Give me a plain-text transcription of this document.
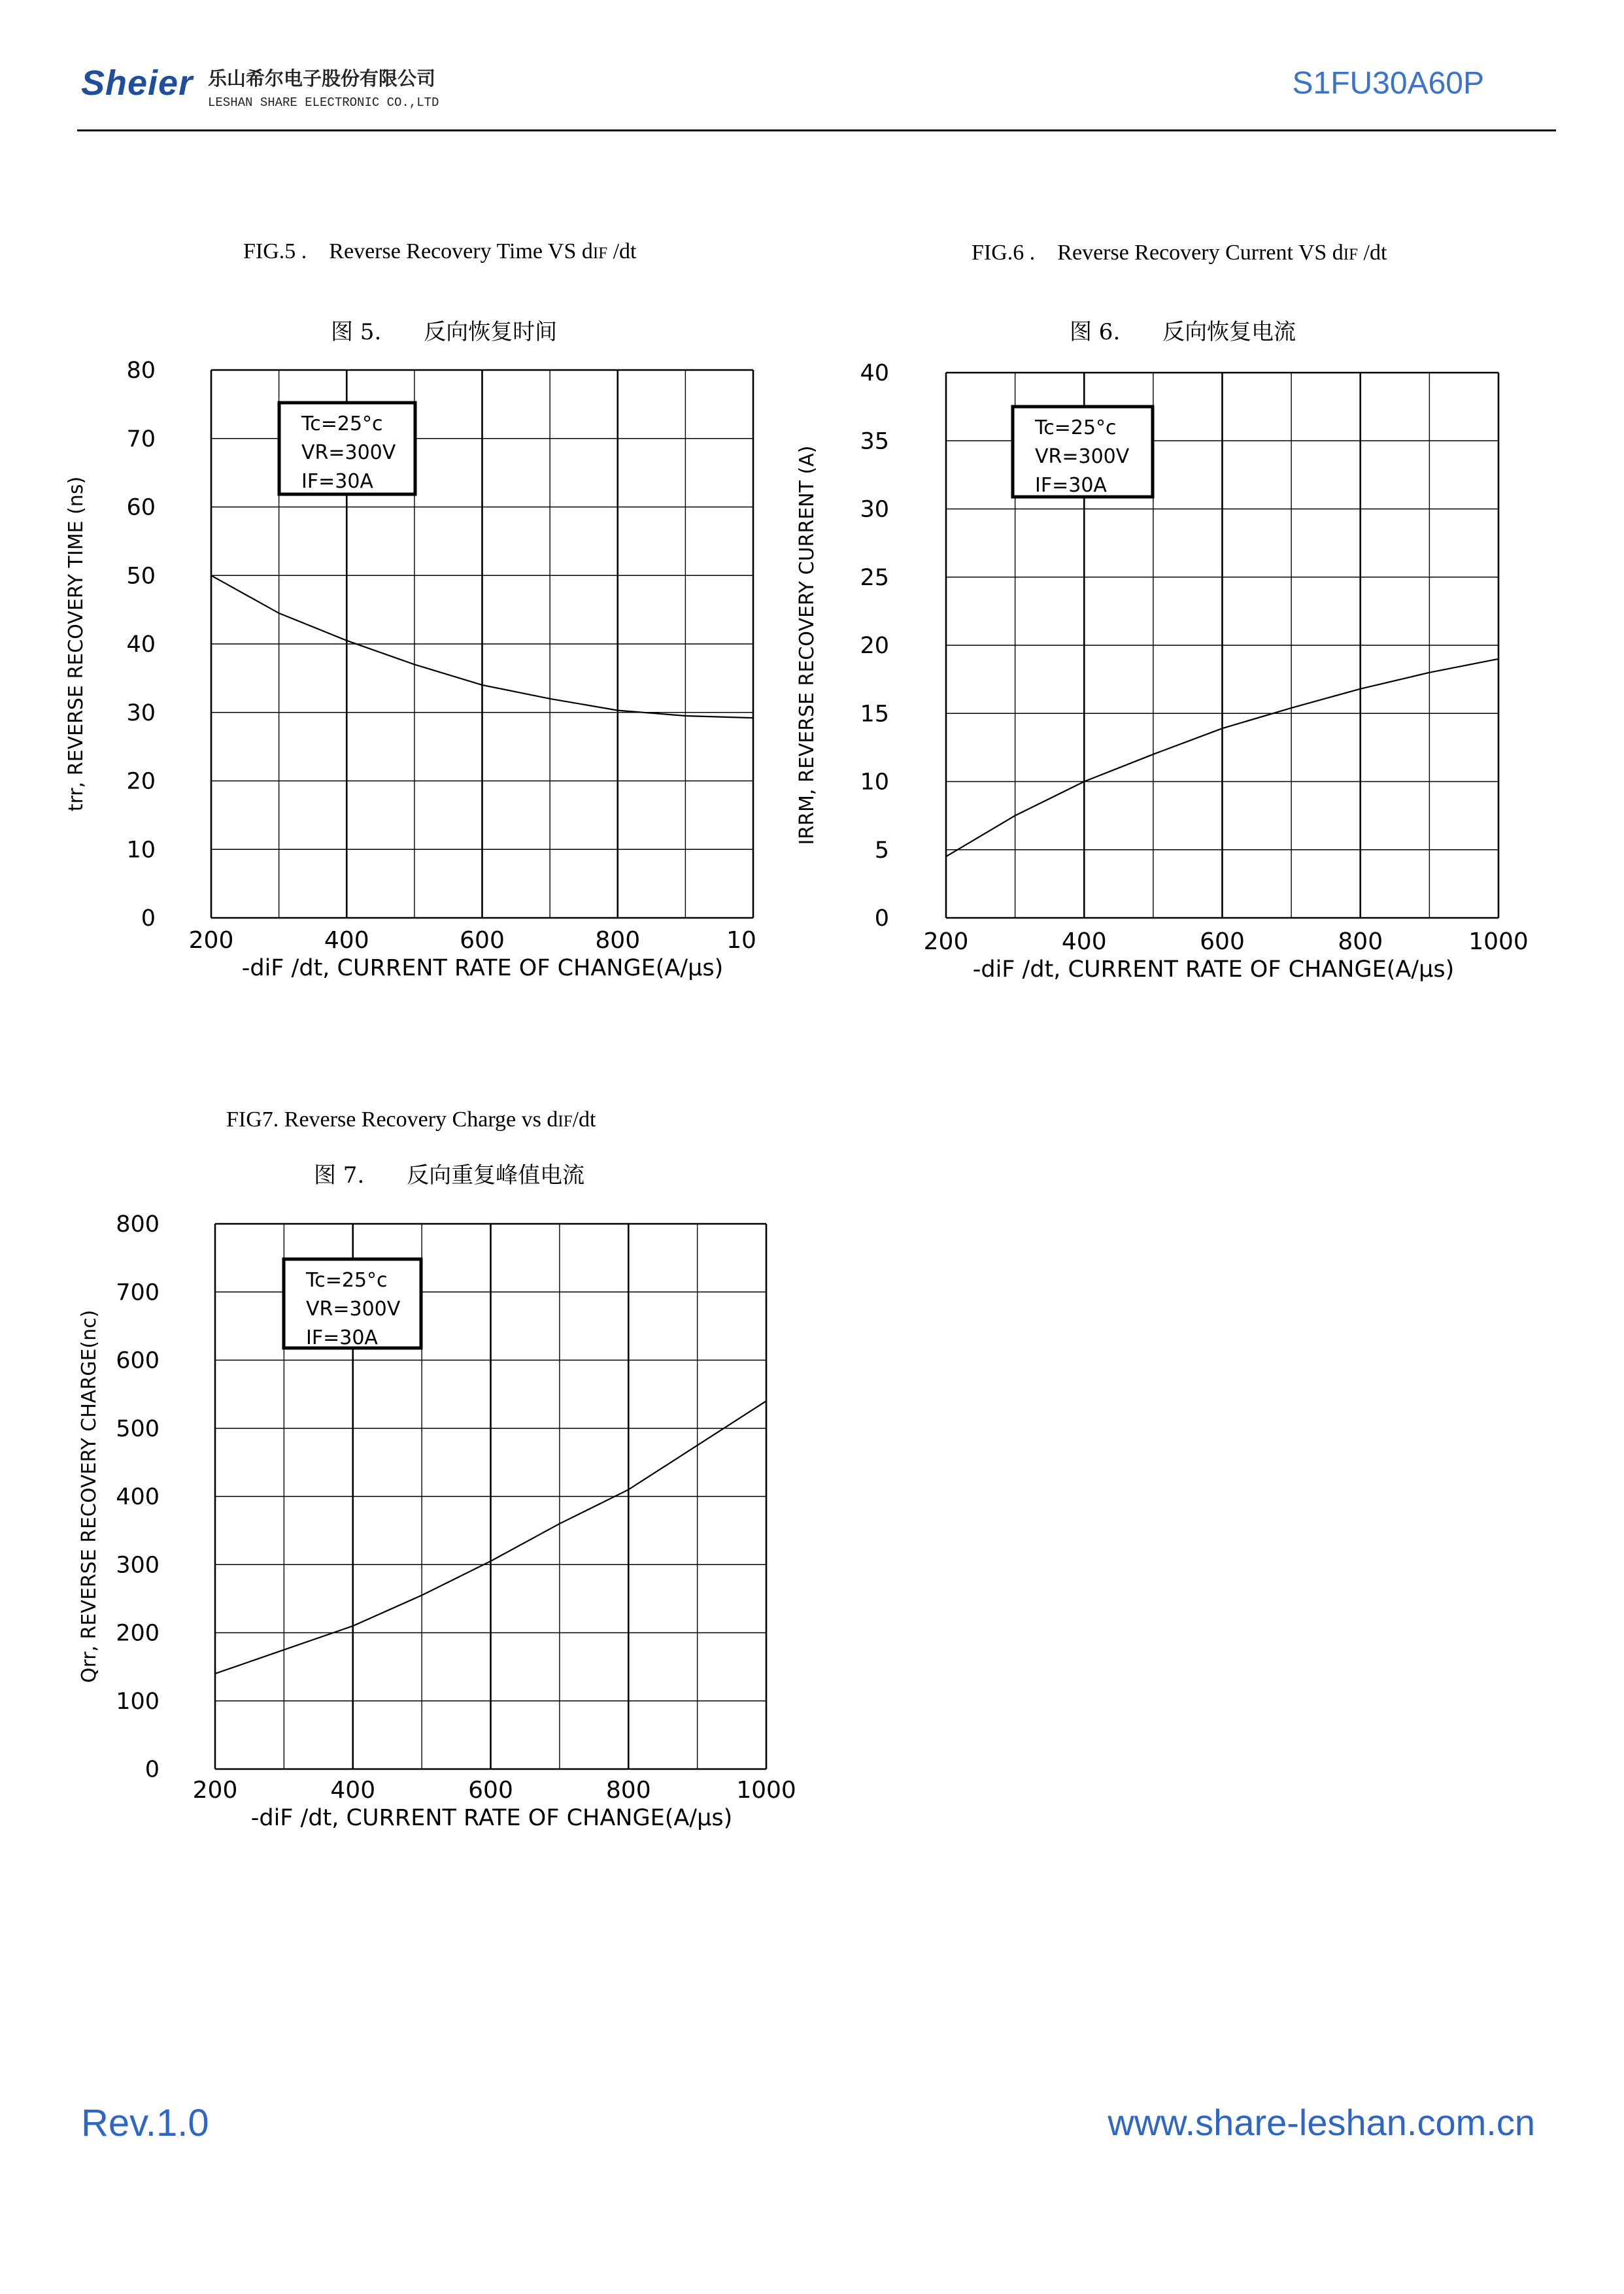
Sheier 乐山希尔电子股份有限公司
LESHAN SHARE ELECTRONIC CO.,LTD
S1FU30A60P
FIG.5 . Reverse Recovery Time VS dIF /dt
图 5.      反向恢复时间
FIG.6 . Reverse Recovery Current VS dIF /dt
图 6.      反向恢复电流
FIG7. Reverse Recovery Charge vs dIF/dt
图 7.      反向重复峰值电流
0
10
20
30
40
50
60
70
80
200	400	600	800	10
-diF /dt, CURRENT RATE OF CHANGE(A/μs)
trr, REVERSE RECOVERY TIME (ns)
Tc=25°c
VR=300V
IF=30A
0
5
10
15
20
25
30
35
40
200	400	600	800	1000
-diF /dt, CURRENT RATE OF CHANGE(A/μs)
IRRM, REVERSE RECOVERY CURRENT (A)
Tc=25°c
VR=300V
IF=30A
0
100
200
300
400
500
600
700
800
200	400	600	800	1000
-diF /dt, CURRENT RATE OF CHANGE(A/μs)
Qrr, REVERSE RECOVERY CHARGE(nc)
Tc=25°c
VR=300V
IF=30A
Rev.1.0	www.share-leshan.com.cn
